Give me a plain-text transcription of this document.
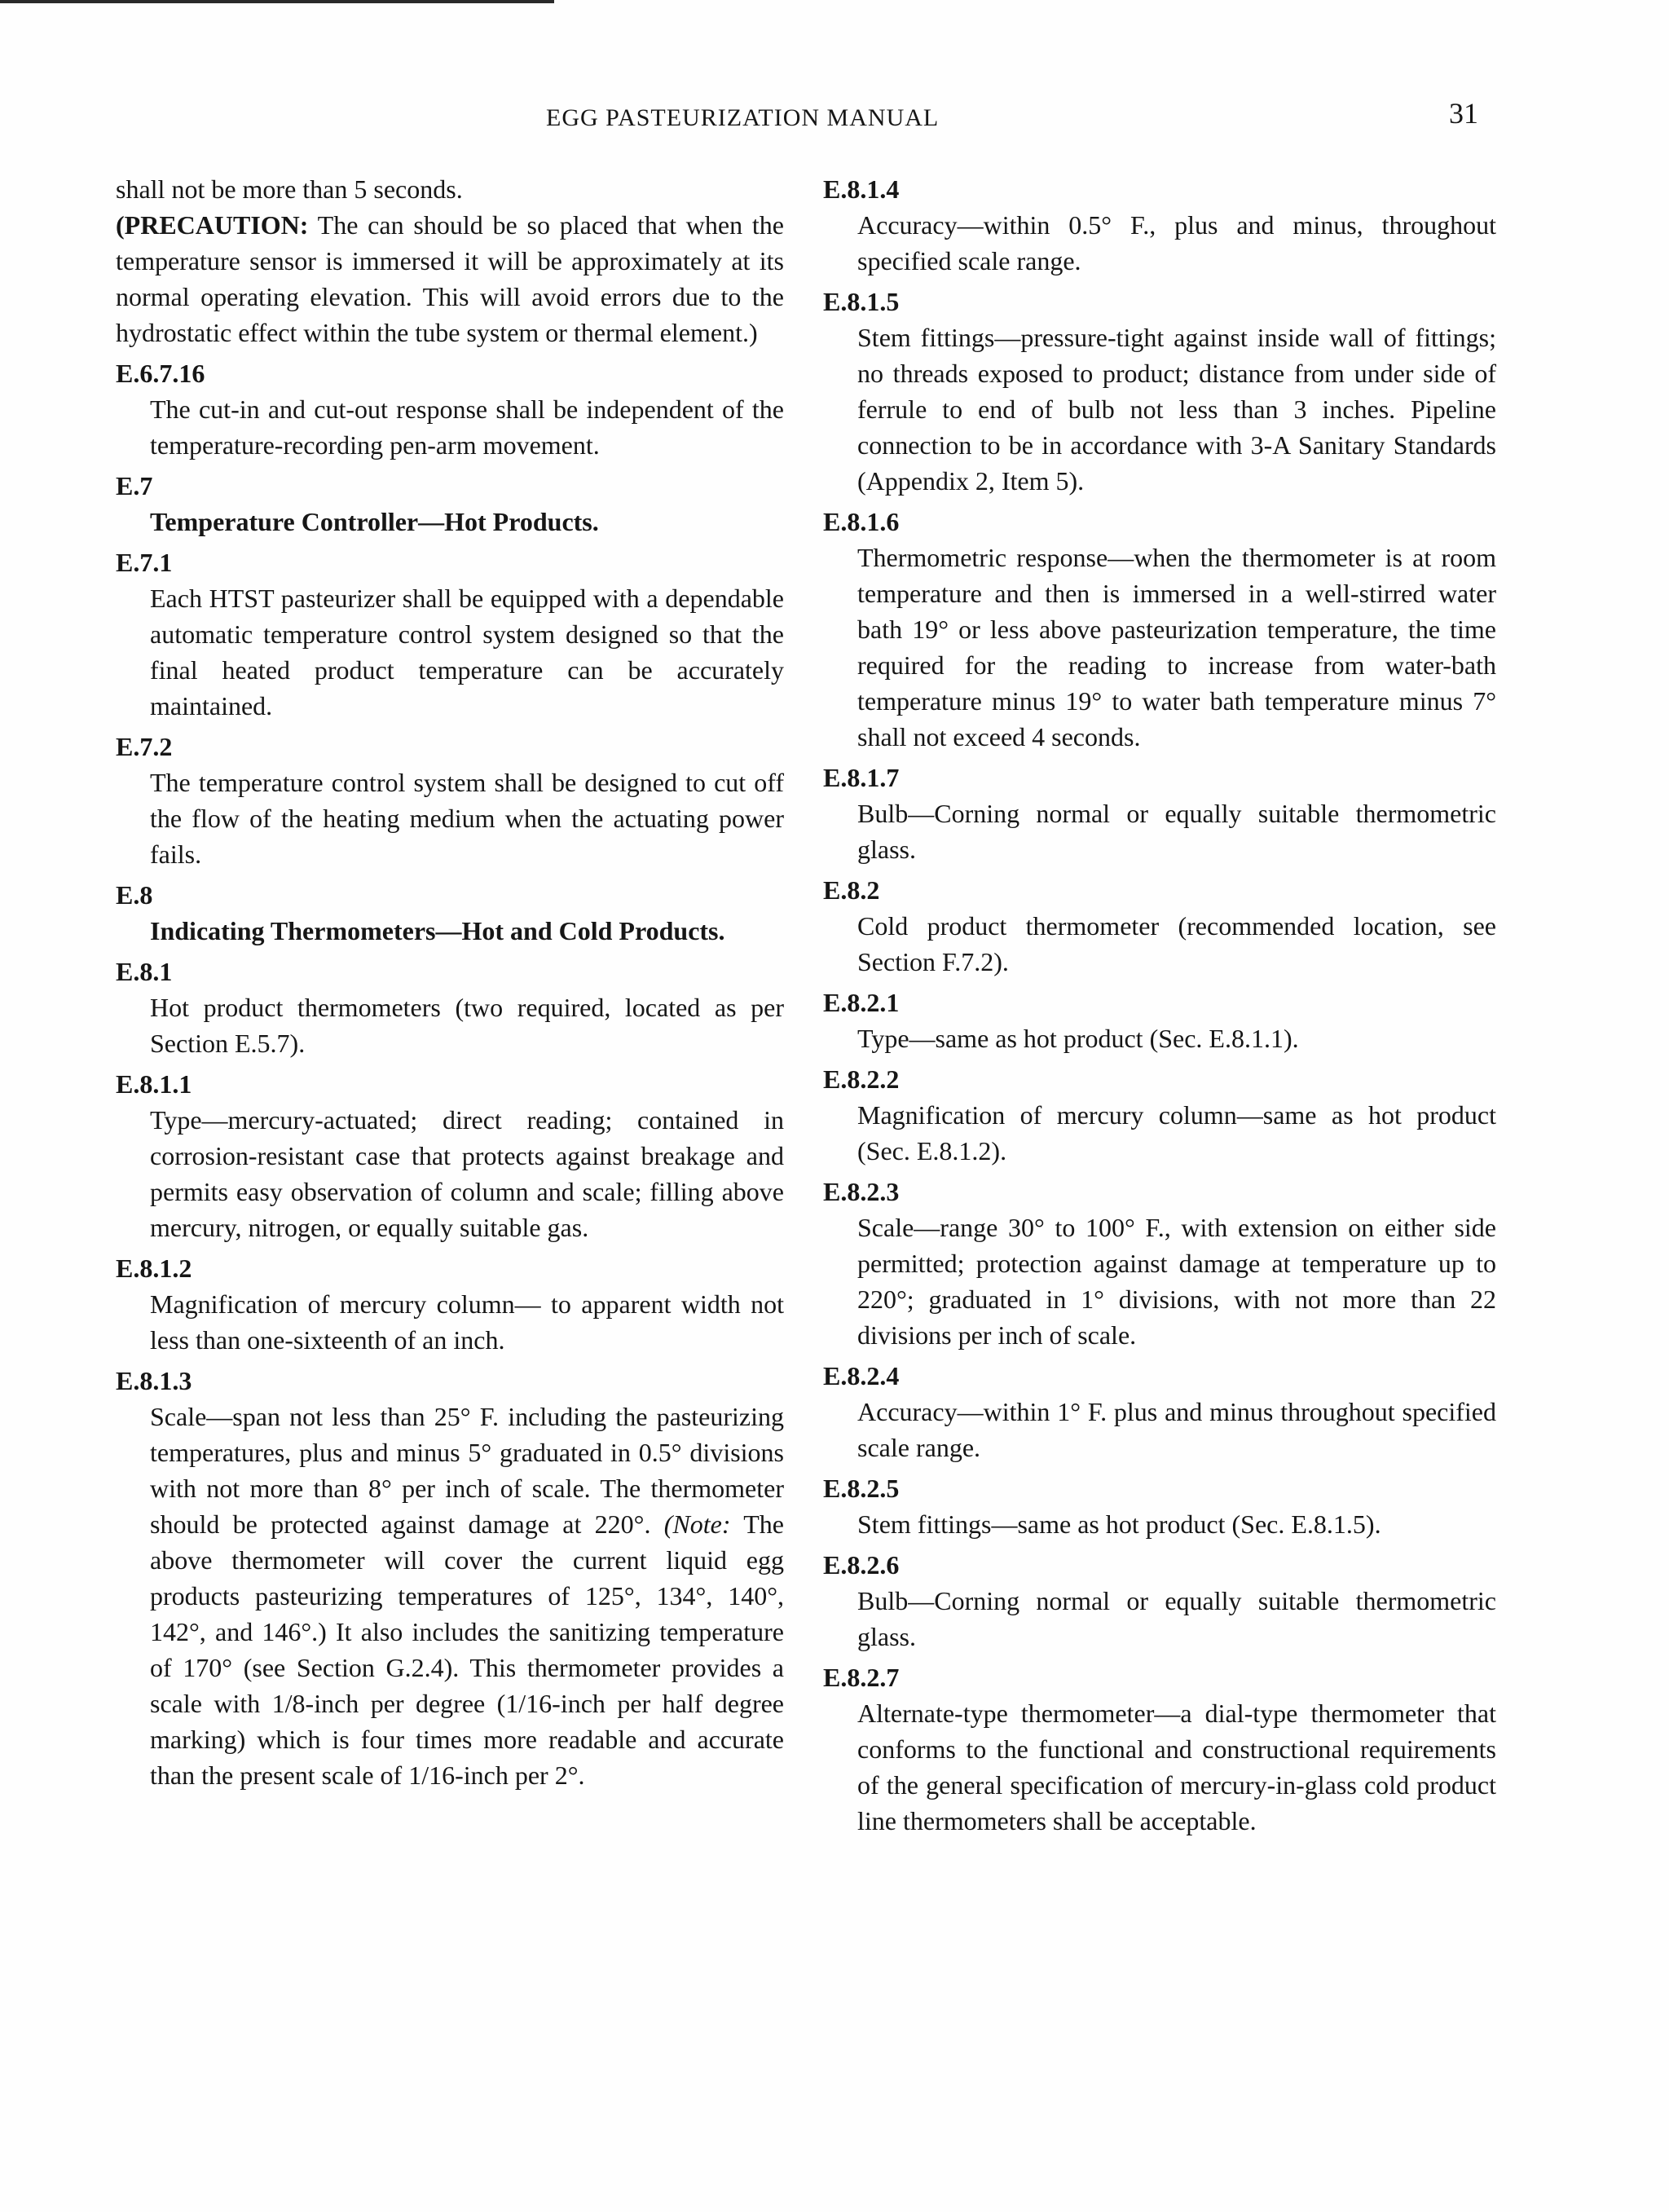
EGG PASTEURIZATION MANUAL	31
shall not be more than 5 seconds.
(PRECAUTION: The can should be so placed that when the temperature sensor is immersed it will be approximately at its normal operating elevation. This will avoid errors due to the hydrostatic effect within the tube system or thermal element.)
E.6.7.16
The cut-in and cut-out response shall be independent of the temperature-recording pen-arm movement.
E.7
Temperature Controller—Hot Products.
E.7.1
Each HTST pasteurizer shall be equipped with a dependable automatic temperature control system designed so that the final heated product temperature can be accurately maintained.
E.7.2
The temperature control system shall be designed to cut off the flow of the heating medium when the actuating power fails.
E.8
Indicating Thermometers—Hot and Cold Products.
E.8.1
Hot product thermometers (two required, located as per Section E.5.7).
E.8.1.1
Type—mercury-actuated; direct reading; contained in corrosion-resistant case that protects against breakage and permits easy observation of column and scale; filling above mercury, nitrogen, or equally suitable gas.
E.8.1.2
Magnification of mercury column— to apparent width not less than one-sixteenth of an inch.
E.8.1.3
Scale—span not less than 25° F. including the pasteurizing temperatures, plus and minus 5° graduated in 0.5° divisions with not more than 8° per inch of scale. The thermometer should be protected against damage at 220°. (Note: The above thermometer will cover the current liquid egg products pasteurizing temperatures of 125°, 134°, 140°, 142°, and 146°.) It also includes the sanitizing temperature of 170° (see Section G.2.4). This thermometer provides a scale with 1/8-inch per degree (1/16-inch per half degree marking) which is four times more readable and accurate than the present scale of 1/16-inch per 2°.
E.8.1.4
Accuracy—within 0.5° F., plus and minus, throughout specified scale range.
E.8.1.5
Stem fittings—pressure-tight against inside wall of fittings; no threads exposed to product; distance from under side of ferrule to end of bulb not less than 3 inches. Pipeline connection to be in accordance with 3-A Sanitary Standards (Appendix 2, Item 5).
E.8.1.6
Thermometric response—when the thermometer is at room temperature and then is immersed in a well-stirred water bath 19° or less above pasteurization temperature, the time required for the reading to increase from water-bath temperature minus 19° to water bath temperature minus 7° shall not exceed 4 seconds.
E.8.1.7
Bulb—Corning normal or equally suitable thermometric glass.
E.8.2
Cold product thermometer (recommended location, see Section F.7.2).
E.8.2.1
Type—same as hot product (Sec. E.8.1.1).
E.8.2.2
Magnification of mercury column—same as hot product (Sec. E.8.1.2).
E.8.2.3
Scale—range 30° to 100° F., with extension on either side permitted; protection against damage at temperature up to 220°; graduated in 1° divisions, with not more than 22 divisions per inch of scale.
E.8.2.4
Accuracy—within 1° F. plus and minus throughout specified scale range.
E.8.2.5
Stem fittings—same as hot product (Sec. E.8.1.5).
E.8.2.6
Bulb—Corning normal or equally suitable thermometric glass.
E.8.2.7
Alternate-type thermometer—a dial-type thermometer that conforms to the functional and constructional requirements of the general specification of mercury-in-glass cold product line thermometers shall be acceptable.
